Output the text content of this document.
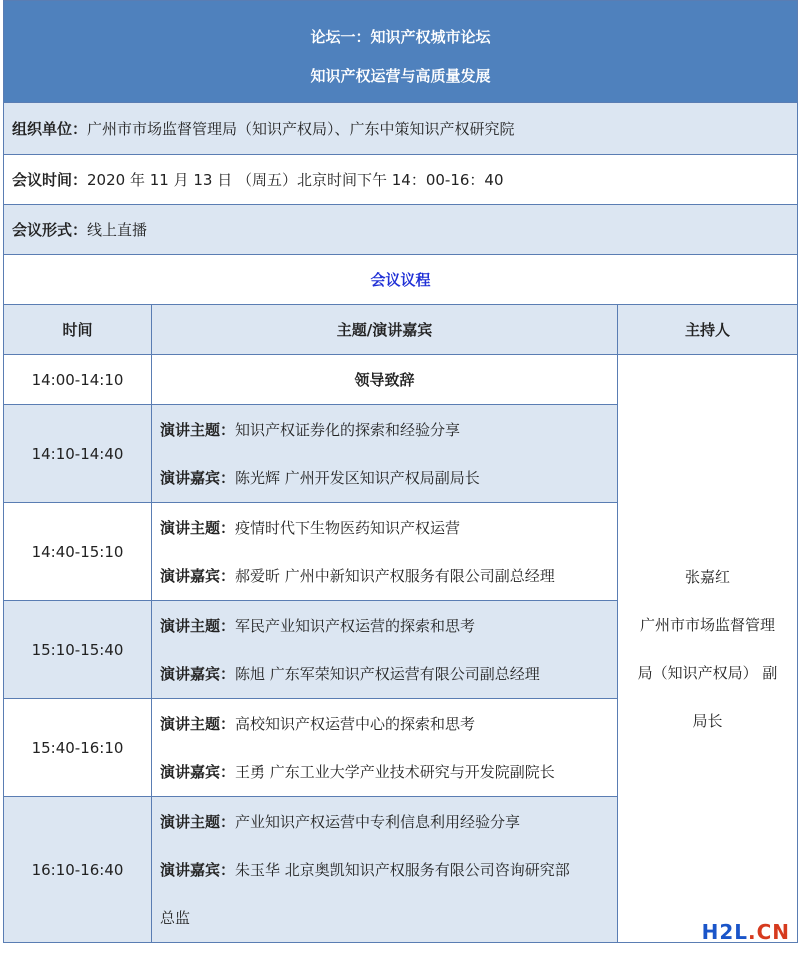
论坛一：知识产权城市论坛		
知识产权运营与高质量发展		
组织单位：广州市市场监督管理局（知识产权局）、广东中策知识产权研究院		
会议时间：2020 年 11 月 13 日 （周五）北京时间下午 14：00-16：40		
会议形式：线上直播		
会议议程		
时间	主题/演讲嘉宾	主持人
14:00-14:10	领导致辞	张嘉红
广州市市场监督管理
局（知识产权局） 副
局长

14:10-14:40	演讲主题：知识产权证券化的探索和经验分享
演讲嘉宾：陈光辉 广州开发区知识产权局副局长	

14:40-15:10	演讲主题：疫情时代下生物医药知识产权运营
演讲嘉宾：郝爱昕 广州中新知识产权服务有限公司副总经理	

15:10-15:40	演讲主题：军民产业知识产权运营的探索和思考
演讲嘉宾：陈旭 广东军荣知识产权运营有限公司副总经理	

15:40-16:10	演讲主题：高校知识产权运营中心的探索和思考
演讲嘉宾：王勇 广东工业大学产业技术研究与开发院副院长	

16:10-16:40	演讲主题：产业知识产权运营中专利信息利用经验分享
演讲嘉宾：朱玉华 北京奥凯知识产权服务有限公司咨询研究部
总监	
H2L.CN
